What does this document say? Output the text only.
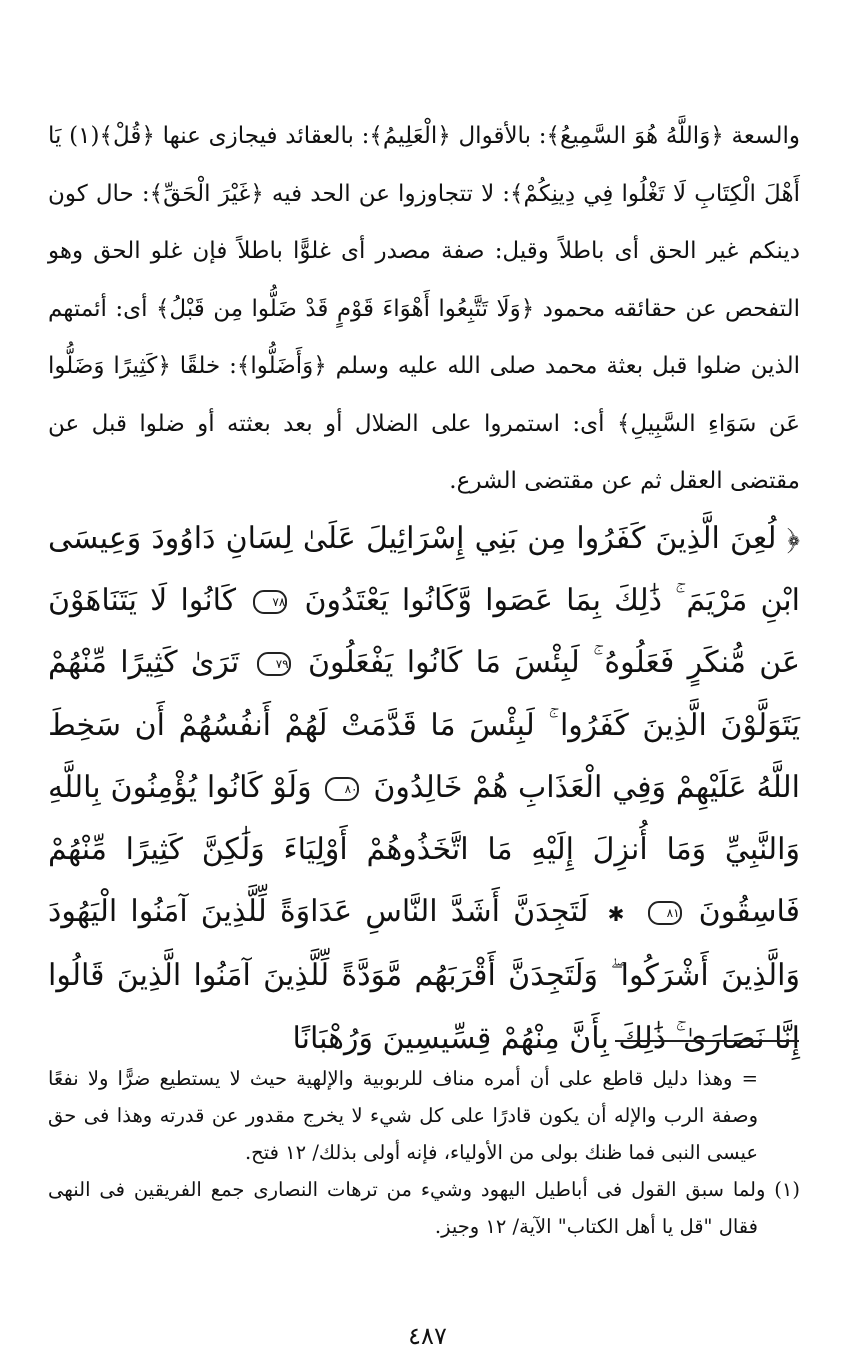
والسعة ﴿وَاللَّهُ هُوَ السَّمِيعُ﴾: بالأقوال ﴿الْعَلِيمُ﴾: بالعقائد فيجازى عنها ﴿قُلْ﴾(١) يَا أَهْلَ الْكِتَابِ لَا تَغْلُوا فِي دِينِكُمْ﴾: لا تتجاوزوا عن الحد فيه ﴿غَيْرَ الْحَقِّ﴾: حال كون دينكم غير الحق أى باطلاً وقيل: صفة مصدر أى غلوًّا باطلاً فإن غلو الحق وهو التفحص عن حقائقه محمود ﴿وَلَا تَتَّبِعُوا أَهْوَاءَ قَوْمٍ قَدْ ضَلُّوا مِن قَبْلُ﴾ أى: أئمتهم الذين ضلوا قبل بعثة محمد صلى الله عليه وسلم ﴿وَأَضَلُّوا﴾: خلقًا ﴿كَثِيرًا وَضَلُّوا عَن سَوَاءِ السَّبِيلِ﴾ أى: استمروا على الضلال أو بعد بعثته أو ضلوا قبل عن مقتضى العقل ثم عن مقتضى الشرع.

﴿ لُعِنَ الَّذِينَ كَفَرُوا مِن بَنِي إِسْرَائِيلَ عَلَىٰ لِسَانِ دَاوُودَ وَعِيسَى ابْنِ مَرْيَمَ ۚ ذَٰلِكَ بِمَا عَصَوا وَّكَانُوا يَعْتَدُونَ ٧٨ كَانُوا لَا يَتَنَاهَوْنَ عَن مُّنكَرٍ فَعَلُوهُ ۚ لَبِئْسَ مَا كَانُوا يَفْعَلُونَ ٧٩ تَرَىٰ كَثِيرًا مِّنْهُمْ يَتَوَلَّوْنَ الَّذِينَ كَفَرُوا ۚ لَبِئْسَ مَا قَدَّمَتْ لَهُمْ أَنفُسُهُمْ أَن سَخِطَ اللَّهُ عَلَيْهِمْ وَفِي الْعَذَابِ هُمْ خَالِدُونَ ٨٠ وَلَوْ كَانُوا يُؤْمِنُونَ بِاللَّهِ وَالنَّبِيِّ وَمَا أُنزِلَ إِلَيْهِ مَا اتَّخَذُوهُمْ أَوْلِيَاءَ وَلَٰكِنَّ كَثِيرًا مِّنْهُمْ فَاسِقُونَ ٨١ ✱ لَتَجِدَنَّ أَشَدَّ النَّاسِ عَدَاوَةً لِّلَّذِينَ آمَنُوا الْيَهُودَ وَالَّذِينَ أَشْرَكُوا ۖ وَلَتَجِدَنَّ أَقْرَبَهُم مَّوَدَّةً لِّلَّذِينَ آمَنُوا الَّذِينَ قَالُوا إِنَّا نَصَارَىٰ ۚ ذَٰلِكَ بِأَنَّ مِنْهُمْ قِسِّيسِينَ وَرُهْبَانًا

= وهذا دليل قاطع على أن أمره مناف للربوبية والإلهية حيث لا يستطيع ضرًّا ولا نفعًا وصفة الرب والإله أن يكون قادرًا على كل شيء لا يخرج مقدور عن قدرته وهذا فى حق عيسى النبى فما ظنك بولى من الأولياء، فإنه أولى بذلك/ ١٢ فتح.

(١) ولما سبق القول فى أباطيل اليهود وشيء من ترهات النصارى جمع الفريقين فى النهى فقال "قل يا أهل الكتاب" الآية/ ١٢ وجيز.

٤٨٧
